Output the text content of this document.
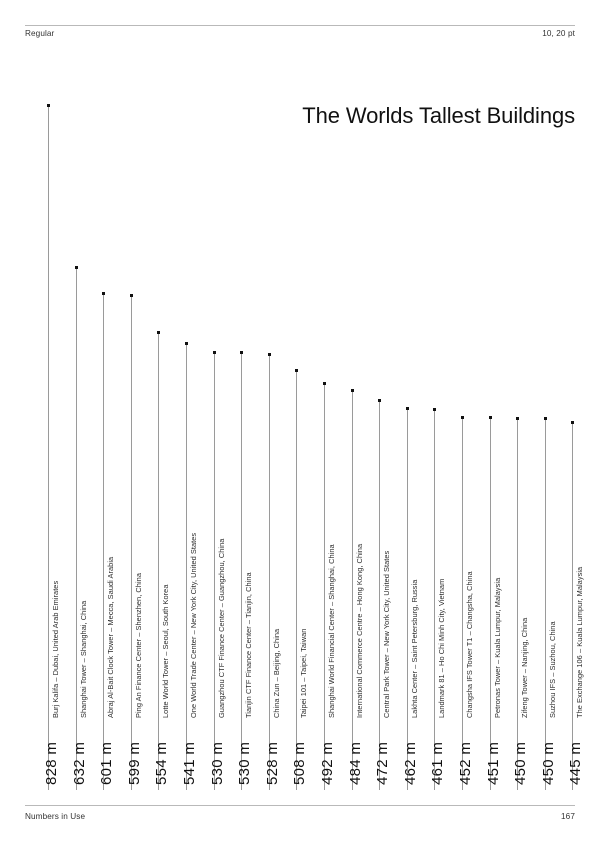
Regular	10, 20 pt
The Worlds Tallest Buildings
828 m
Burj Kalifa – Dubai, United Arab Emirates
632 m
Shanghai Tower – Shanghai, China
601 m
Abraj Al-Bait Clock Tower – Mecca, Saudi Arabia
599 m
Ping An Finance Center – Shenzhen, China
554 m
Lotte World Tower – Seoul, South Korea
541 m
One World Trade Center – New York City, United States
530 m
Guangzhou CTF Finance Center – Guangzhou, China
530 m
Tianjin CTF Finance Center – Tianjin, China
528 m
China Zun – Beijing, China
508 m
Taipei 101 – Taipei, Taiwan
492 m
Shanghai World Financial Center – Shanghai, China
484 m
International Commerce Centre – Hong Kong, China
472 m
Central Park Tower – New York City, United States
462 m
Lakhta Center – Saint Petersburg, Russia
461 m
Landmark 81 – Ho Chi Minh City, Vietnam
452 m
Changsha IFS Tower T1 – Changsha, China
451 m
Petronas Tower – Kuala Lumpur, Malaysia
450 m
Zifeng Tower – Nanjing, China
450 m
Suzhou IFS – Suzhou, China
445 m
The Exchange 106 – Kuala Lumpur, Malaysia
Numbers in Use	167
